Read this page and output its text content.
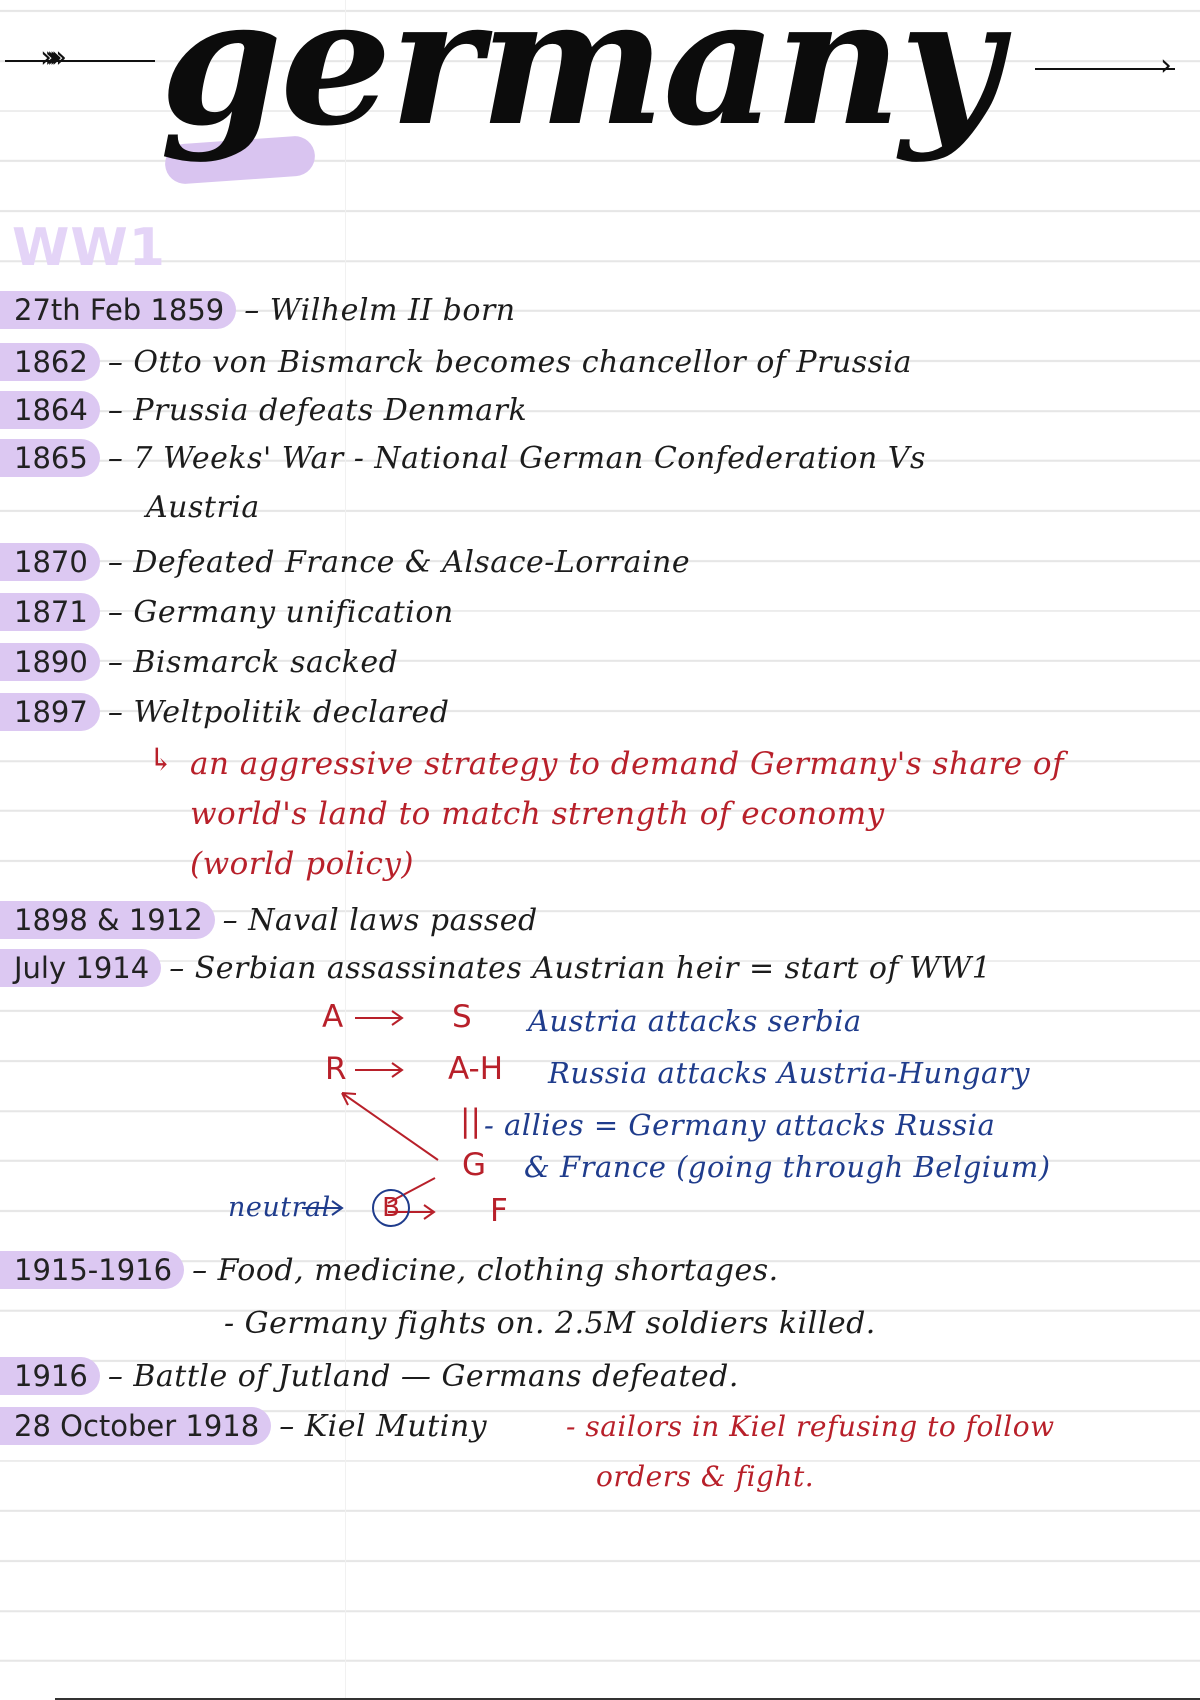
»»»	›
germany
WW1
27th Feb 1859	– Wilhelm II born
1862	– Otto von Bismarck becomes chancellor of Prussia
1864	– Prussia defeats Denmark
1865	– 7 Weeks' War - National German Confederation Vs
Austria
1870	– Defeated France & Alsace-Lorraine
1871	– Germany unification
1890	– Bismarck sacked
1897	– Weltpolitik declared
↳ an aggressive strategy to demand Germany's share of
world's land to match strength of economy
(world policy)
1898 & 1912	– Naval laws passed
July 1914	– Serbian assassinates Austrian heir = start of WW1
A	S
R	A-H
||
G
B	F
neutral
Austria attacks serbia
Russia attacks Austria-Hungary
- allies = Germany attacks Russia
& France (going through Belgium)
1915-1916	– Food, medicine, clothing shortages.
- Germany fights on. 2.5M soldiers killed.
1916	– Battle of Jutland — Germans defeated.
28 October 1918	– Kiel Mutiny	- sailors in Kiel refusing to follow
orders & fight.
